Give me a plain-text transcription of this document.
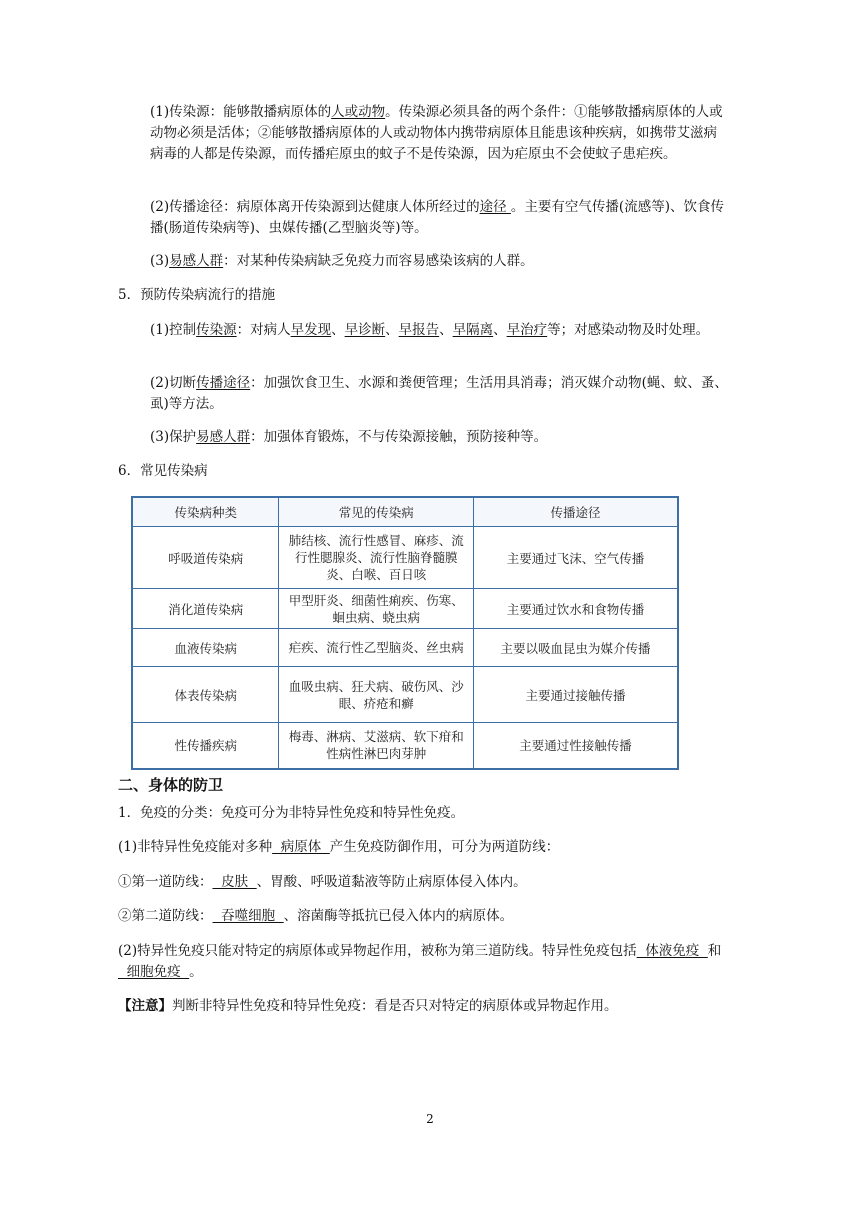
(1)传染源：能够散播病原体的人或动物。传染源必须具备的两个条件：①能够散播病原体的人或动物必须是活体；②能够散播病原体的人或动物体内携带病原体且能患该种疾病，如携带艾滋病病毒的人都是传染源，而传播疟原虫的蚊子不是传染源，因为疟原虫不会使蚊子患疟疾。

(2)传播途径：病原体离开传染源到达健康人体所经过的途径 。主要有空气传播(流感等)、饮食传播(肠道传染病等)、虫媒传播(乙型脑炎等)等。

(3)易感人群：对某种传染病缺乏免疫力而容易感染该病的人群。

5．预防传染病流行的措施

(1)控制传染源：对病人早发现、早诊断、早报告、早隔离、早治疗等；对感染动物及时处理。

(2)切断传播途径：加强饮食卫生、水源和粪便管理；生活用具消毒；消灭媒介动物(蝇、蚊、蚤、虱)等方法。

(3)保护易感人群：加强体育锻炼，不与传染源接触，预防接种等。

6．常见传染病

传染病种类	常见的传染病	传播途径
呼吸道传染病	肺结核、流行性感冒、麻疹、流行性腮腺炎、流行性脑脊髓膜炎、白喉、百日咳	主要通过飞沫、空气传播
消化道传染病	甲型肝炎、细菌性痢疾、伤寒、蛔虫病、蛲虫病	主要通过饮水和食物传播
血液传染病	疟疾、流行性乙型脑炎、丝虫病	主要以吸血昆虫为媒介传播
体表传染病	血吸虫病、狂犬病、破伤风、沙眼、疥疮和癣	主要通过接触传播
性传播疾病	梅毒、淋病、艾滋病、软下疳和性病性淋巴肉芽肿	主要通过性接触传播

二、身体的防卫

1．免疫的分类：免疫可分为非特异性免疫和特异性免疫。

(1)非特异性免疫能对多种  病原体  产生免疫防御作用，可分为两道防线：

①第一道防线：  皮肤  、胃酸、呼吸道黏液等防止病原体侵入体内。

②第二道防线：  吞噬细胞  、溶菌酶等抵抗已侵入体内的病原体。

(2)特异性免疫只能对特定的病原体或异物起作用，被称为第三道防线。特异性免疫包括  体液免疫  和  细胞免疫  。

【注意】判断非特异性免疫和特异性免疫：看是否只对特定的病原体或异物起作用。

2
